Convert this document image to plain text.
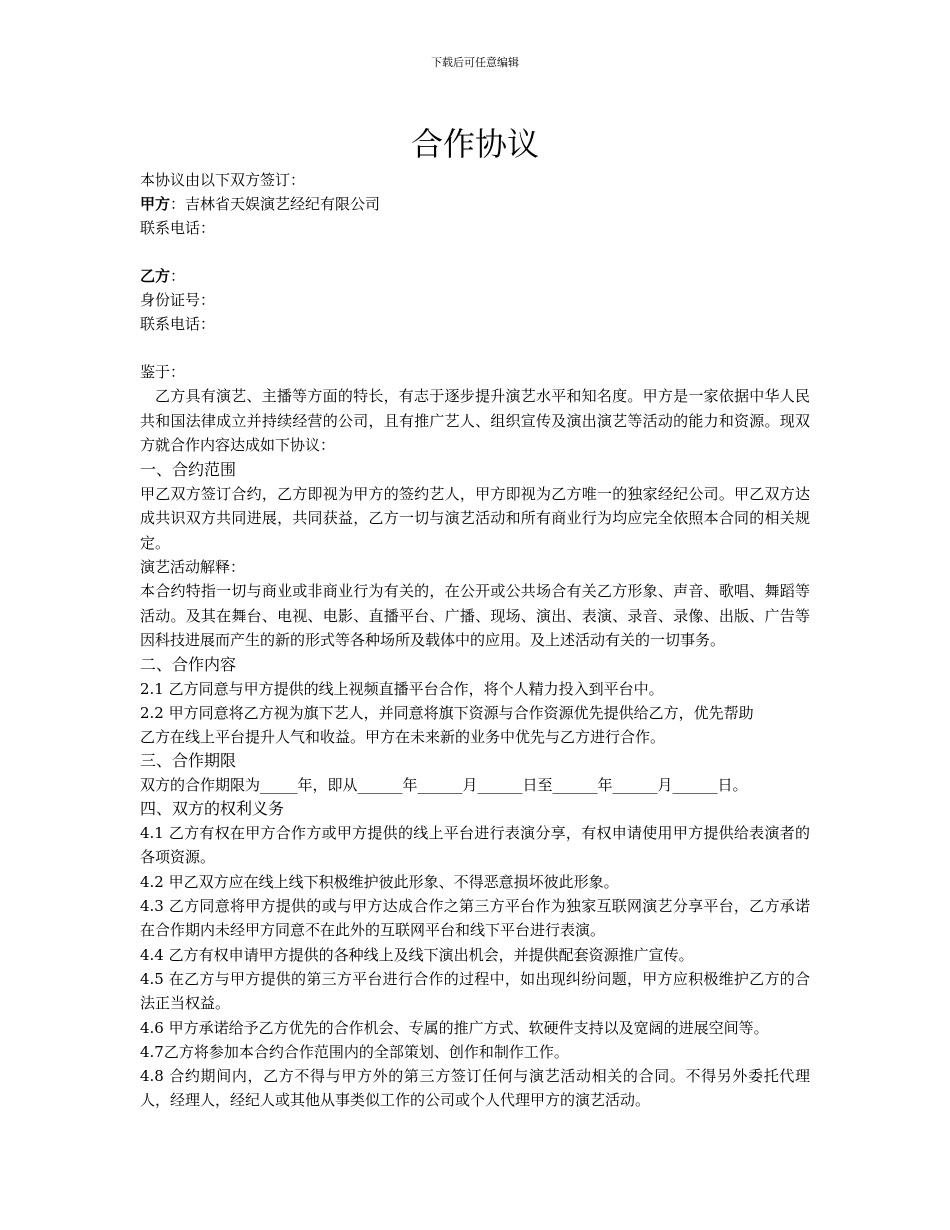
下载后可任意编辑
合作协议
本协议由以下双方签订：
甲方：吉林省天娱演艺经纪有限公司
联系电话：
乙方：
身份证号：
联系电话：
鉴于：

乙方具有演艺、主播等方面的特长，有志于逐步提升演艺水平和知名度。甲方是一家依据中华人民共和国法律成立并持续经营的公司，且有推广艺人、组织宣传及演出演艺等活动的能力和资源。现双方就合作内容达成如下协议：

一、合约范围

甲乙双方签订合约，乙方即视为甲方的签约艺人，甲方即视为乙方唯一的独家经纪公司。甲乙双方达成共识双方共同进展，共同获益，乙方一切与演艺活动和所有商业行为均应完全依照本合同的相关规定。

演艺活动解释：

本合约特指一切与商业或非商业行为有关的，在公开或公共场合有关乙方形象、声音、歌唱、舞蹈等活动。及其在舞台、电视、电影、直播平台、广播、现场、演出、表演、录音、录像、出版、广告等因科技进展而产生的新的形式等各种场所及载体中的应用。及上述活动有关的一切事务。

二、合作内容
2.1 乙方同意与甲方提供的线上视频直播平台合作，将个人精力投入到平台中。
2.2 甲方同意将乙方视为旗下艺人，并同意将旗下资源与合作资源优先提供给乙方，优先帮助
乙方在线上平台提升人气和收益。甲方在未来新的业务中优先与乙方进行合作。
三、合作期限
双方的合作期限为_____年，即从______年______月______日至______年______月______日。
四、双方的权利义务

4.1 乙方有权在甲方合作方或甲方提供的线上平台进行表演分享，有权申请使用甲方提供给表演者的各项资源。

4.2 甲乙双方应在线上线下积极维护彼此形象、不得恶意损坏彼此形象。

4.3 乙方同意将甲方提供的或与甲方达成合作之第三方平台作为独家互联网演艺分享平台，乙方承诺在合作期内未经甲方同意不在此外的互联网平台和线下平台进行表演。

4.4 乙方有权申请甲方提供的各种线上及线下演出机会，并提供配套资源推广宣传。

4.5 在乙方与甲方提供的第三方平台进行合作的过程中，如出现纠纷问题，甲方应积极维护乙方的合法正当权益。

4.6 甲方承诺给予乙方优先的合作机会、专属的推广方式、软硬件支持以及宽阔的进展空间等。
4.7乙方将参加本合约合作范围内的全部策划、创作和制作工作。

4.8 合约期间内，乙方不得与甲方外的第三方签订任何与演艺活动相关的合同。不得另外委托代理人，经理人，经纪人或其他从事类似工作的公司或个人代理甲方的演艺活动。
